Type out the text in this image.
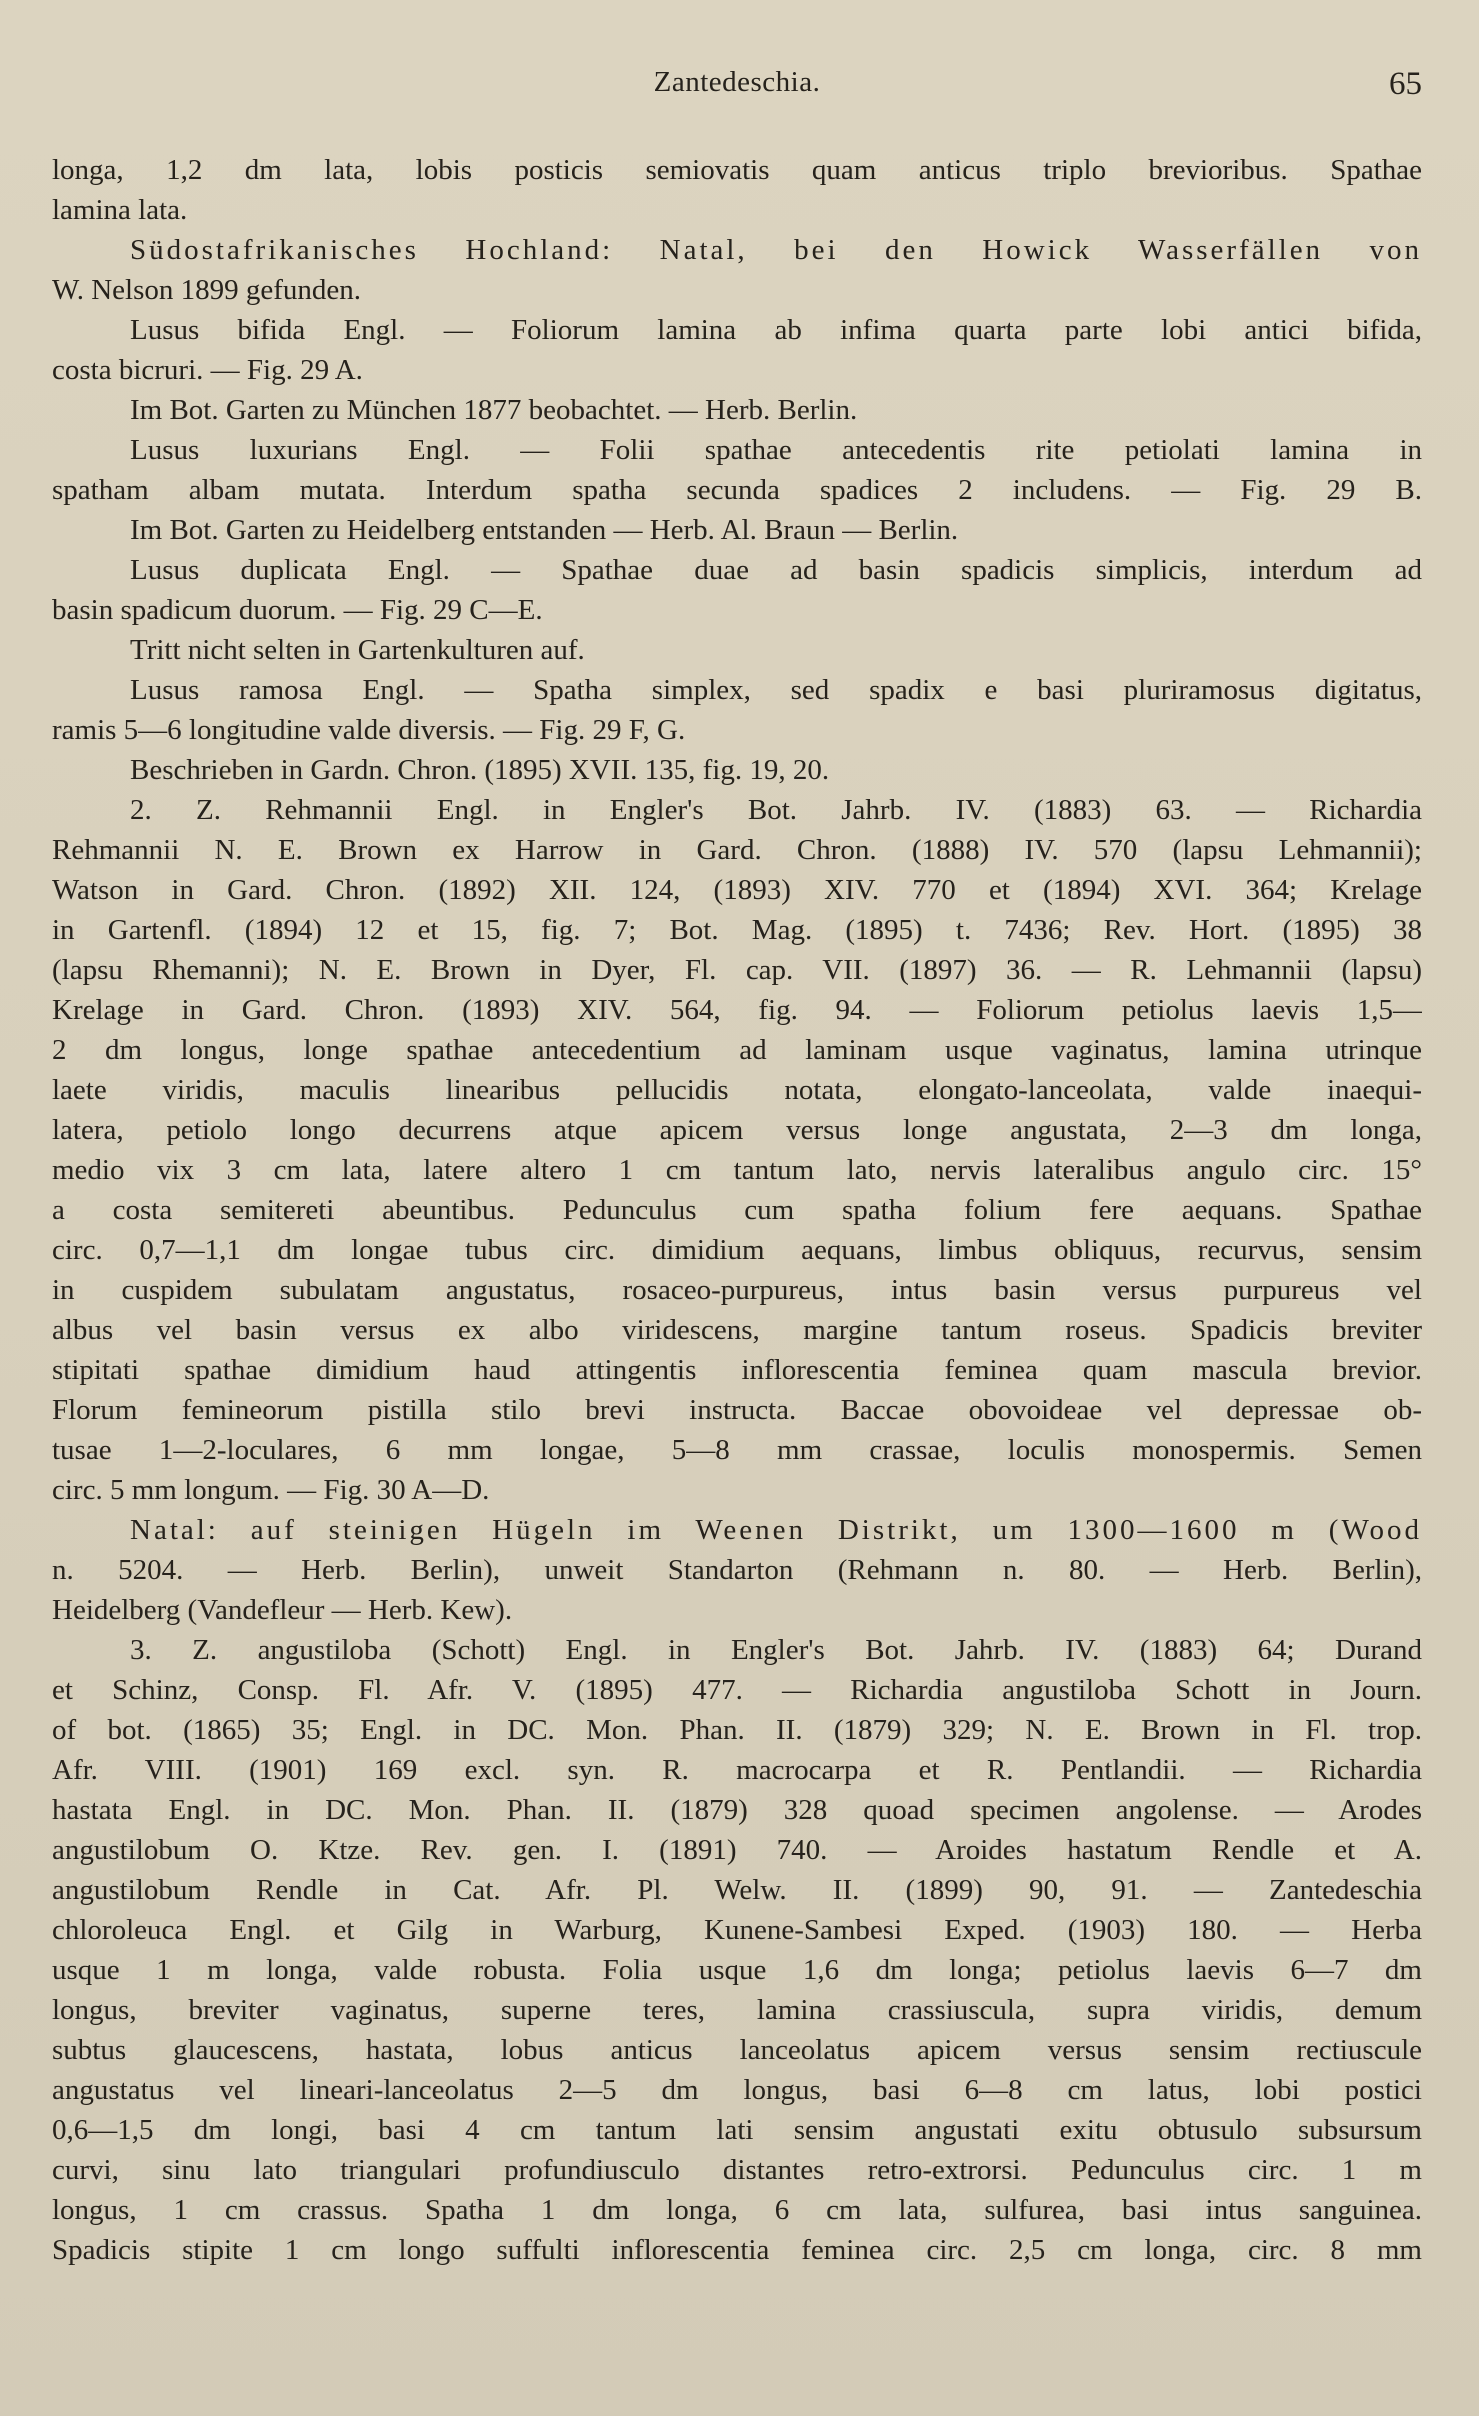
Zantedeschia.	65
longa, 1,2 dm lata, lobis posticis semiovatis quam anticus triplo brevioribus. Spathae
lamina lata.
Südostafrikanisches Hochland: Natal, bei den Howick Wasserfällen von
W. Nelson 1899 gefunden.
Lusus bifida Engl. — Foliorum lamina ab infima quarta parte lobi antici bifida,
costa bicruri. — Fig. 29 A.
Im Bot. Garten zu München 1877 beobachtet. — Herb. Berlin.
Lusus luxurians Engl. — Folii spathae antecedentis rite petiolati lamina in
spatham albam mutata. Interdum spatha secunda spadices 2 includens. — Fig. 29 B.
Im Bot. Garten zu Heidelberg entstanden — Herb. Al. Braun — Berlin.
Lusus duplicata Engl. — Spathae duae ad basin spadicis simplicis, interdum ad
basin spadicum duorum. — Fig. 29 C—E.
Tritt nicht selten in Gartenkulturen auf.
Lusus ramosa Engl. — Spatha simplex, sed spadix e basi pluriramosus digitatus,
ramis 5—6 longitudine valde diversis. — Fig. 29 F, G.
Beschrieben in Gardn. Chron. (1895) XVII. 135, fig. 19, 20.
2. Z. Rehmannii Engl. in Engler's Bot. Jahrb. IV. (1883) 63. — Richardia
Rehmannii N. E. Brown ex Harrow in Gard. Chron. (1888) IV. 570 (lapsu Lehmannii);
Watson in Gard. Chron. (1892) XII. 124, (1893) XIV. 770 et (1894) XVI. 364; Krelage
in Gartenfl. (1894) 12 et 15, fig. 7; Bot. Mag. (1895) t. 7436; Rev. Hort. (1895) 38
(lapsu Rhemanni); N. E. Brown in Dyer, Fl. cap. VII. (1897) 36. — R. Lehmannii (lapsu)
Krelage in Gard. Chron. (1893) XIV. 564, fig. 94. — Foliorum petiolus laevis 1,5—
2 dm longus, longe spathae antecedentium ad laminam usque vaginatus, lamina utrinque
laete viridis, maculis linearibus pellucidis notata, elongato-lanceolata, valde inaequi-
latera, petiolo longo decurrens atque apicem versus longe angustata, 2—3 dm longa,
medio vix 3 cm lata, latere altero 1 cm tantum lato, nervis lateralibus angulo circ. 15°
a costa semitereti abeuntibus. Pedunculus cum spatha folium fere aequans. Spathae
circ. 0,7—1,1 dm longae tubus circ. dimidium aequans, limbus obliquus, recurvus, sensim
in cuspidem subulatam angustatus, rosaceo-purpureus, intus basin versus purpureus vel
albus vel basin versus ex albo viridescens, margine tantum roseus. Spadicis breviter
stipitati spathae dimidium haud attingentis inflorescentia feminea quam mascula brevior.
Florum femineorum pistilla stilo brevi instructa. Baccae obovoideae vel depressae ob-
tusae 1—2-loculares, 6 mm longae, 5—8 mm crassae, loculis monospermis. Semen
circ. 5 mm longum. — Fig. 30 A—D.
Natal: auf steinigen Hügeln im Weenen Distrikt, um 1300—1600 m (Wood
n. 5204. — Herb. Berlin), unweit Standarton (Rehmann n. 80. — Herb. Berlin),
Heidelberg (Vandefleur — Herb. Kew).
3. Z. angustiloba (Schott) Engl. in Engler's Bot. Jahrb. IV. (1883) 64; Durand
et Schinz, Consp. Fl. Afr. V. (1895) 477. — Richardia angustiloba Schott in Journ.
of bot. (1865) 35; Engl. in DC. Mon. Phan. II. (1879) 329; N. E. Brown in Fl. trop.
Afr. VIII. (1901) 169 excl. syn. R. macrocarpa et R. Pentlandii. — Richardia
hastata Engl. in DC. Mon. Phan. II. (1879) 328 quoad specimen angolense. — Arodes
angustilobum O. Ktze. Rev. gen. I. (1891) 740. — Aroides hastatum Rendle et A.
angustilobum Rendle in Cat. Afr. Pl. Welw. II. (1899) 90, 91. — Zantedeschia
chloroleuca Engl. et Gilg in Warburg, Kunene-Sambesi Exped. (1903) 180. — Herba
usque 1 m longa, valde robusta. Folia usque 1,6 dm longa; petiolus laevis 6—7 dm
longus, breviter vaginatus, superne teres, lamina crassiuscula, supra viridis, demum
subtus glaucescens, hastata, lobus anticus lanceolatus apicem versus sensim rectiuscule
angustatus vel lineari-lanceolatus 2—5 dm longus, basi 6—8 cm latus, lobi postici
0,6—1,5 dm longi, basi 4 cm tantum lati sensim angustati exitu obtusulo subsursum
curvi, sinu lato triangulari profundiusculo distantes retro-extrorsi. Pedunculus circ. 1 m
longus, 1 cm crassus. Spatha 1 dm longa, 6 cm lata, sulfurea, basi intus sanguinea.
Spadicis stipite 1 cm longo suffulti inflorescentia feminea circ. 2,5 cm longa, circ. 8 mm
